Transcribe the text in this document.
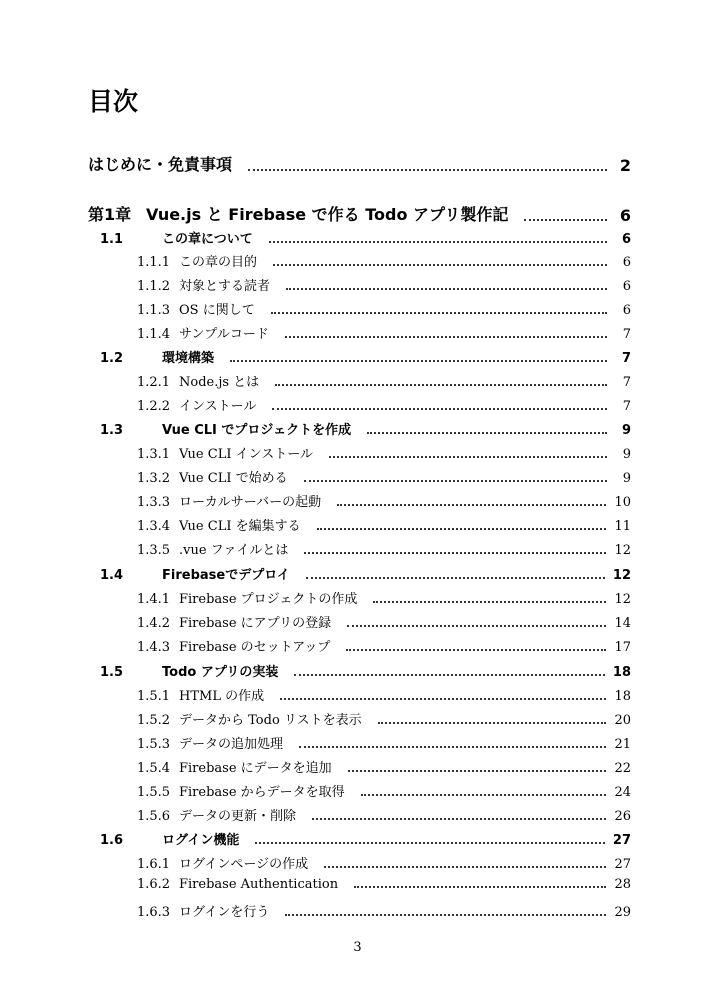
目次
はじめに・免責事項	2
第1章 Vue.js と Firebase で作る Todo アプリ製作記	6
1.1	この章について	6
1.1.1 この章の目的	6
1.1.2 対象とする読者	6
1.1.3 OS に関して	6
1.1.4 サンプルコード	7
1.2	環境構築	7
1.2.1 Node.js とは	7
1.2.2 インストール	7
1.3	Vue CLI でプロジェクトを作成	9
1.3.1 Vue CLI インストール	9
1.3.2 Vue CLI で始める	9
1.3.3 ローカルサーバーの起動	10
1.3.4 Vue CLI を編集する	11
1.3.5 .vue ファイルとは	12
1.4	Firebaseでデプロイ	12
1.4.1 Firebase プロジェクトの作成	12
1.4.2 Firebase にアプリの登録	14
1.4.3 Firebase のセットアップ	17
1.5	Todo アプリの実装	18
1.5.1 HTML の作成	18
1.5.2 データから Todo リストを表示	20
1.5.3 データの追加処理	21
1.5.4 Firebase にデータを追加	22
1.5.5 Firebase からデータを取得	24
1.5.6 データの更新・削除	26
1.6	ログイン機能	27
1.6.1 ログインページの作成	27
1.6.2 Firebase Authentication	28
1.6.3 ログインを行う	29
3
